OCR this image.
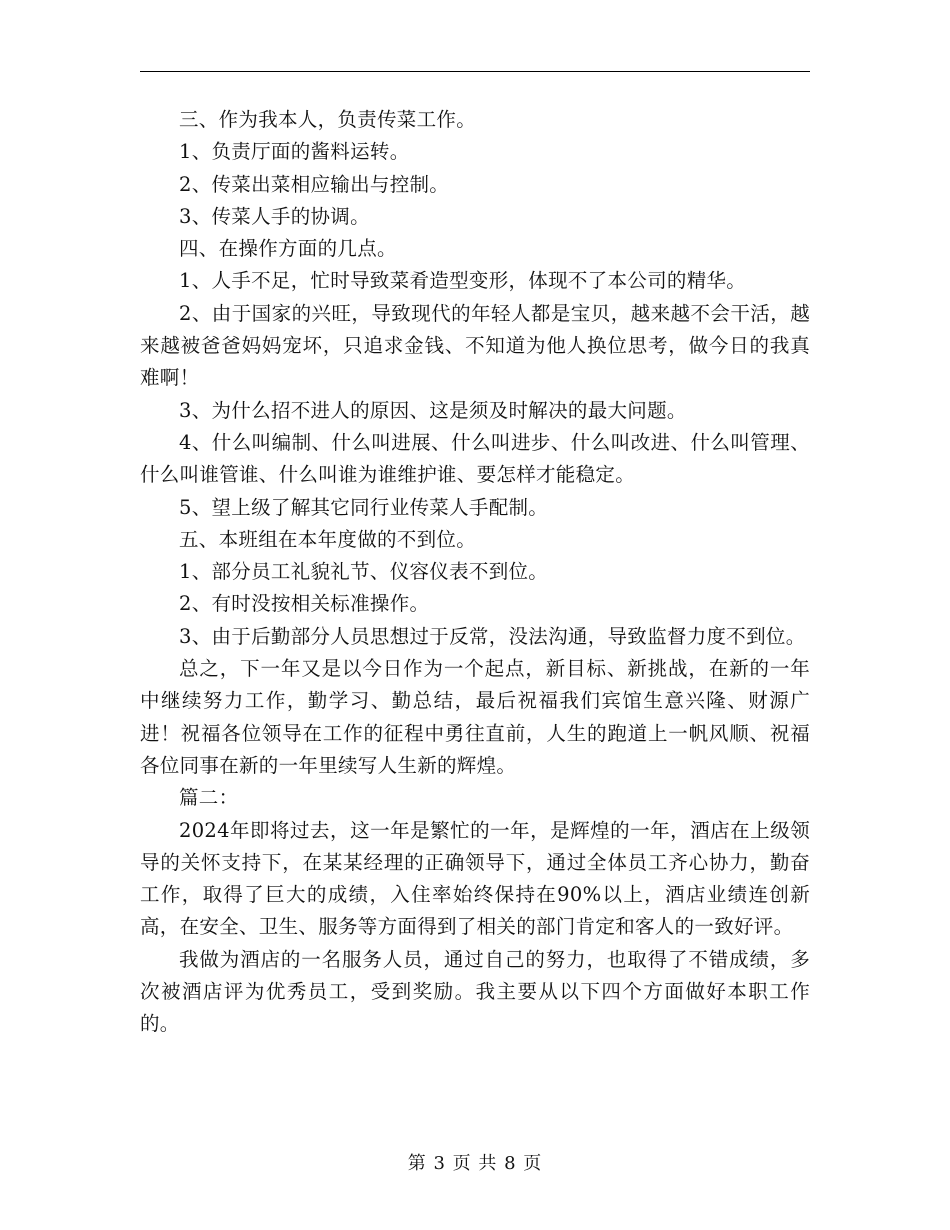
三、作为我本人，负责传菜工作。

1、负责厅面的酱料运转。

2、传菜出菜相应输出与控制。

3、传菜人手的协调。

四、在操作方面的几点。

1、人手不足，忙时导致菜肴造型变形，体现不了本公司的精华。

2、由于国家的兴旺，导致现代的年轻人都是宝贝，越来越不会干活，越来越被爸爸妈妈宠坏，只追求金钱、不知道为他人换位思考，做今日的我真难啊！

3、为什么招不进人的原因、这是须及时解决的最大问题。

4、什么叫编制、什么叫进展、什么叫进步、什么叫改进、什么叫管理、什么叫谁管谁、什么叫谁为谁维护谁、要怎样才能稳定。

5、望上级了解其它同行业传菜人手配制。

五、本班组在本年度做的不到位。

1、部分员工礼貌礼节、仪容仪表不到位。

2、有时没按相关标准操作。

3、由于后勤部分人员思想过于反常，没法沟通，导致监督力度不到位。

总之，下一年又是以今日作为一个起点，新目标、新挑战，在新的一年中继续努力工作，勤学习、勤总结，最后祝福我们宾馆生意兴隆、财源广进！祝福各位领导在工作的征程中勇往直前，人生的跑道上一帆风顺、祝福各位同事在新的一年里续写人生新的辉煌。

篇二：

2024年即将过去，这一年是繁忙的一年，是辉煌的一年，酒店在上级领导的关怀支持下，在某某经理的正确领导下，通过全体员工齐心协力，勤奋工作，取得了巨大的成绩，入住率始终保持在90%以上，酒店业绩连创新高，在安全、卫生、服务等方面得到了相关的部门肯定和客人的一致好评。

我做为酒店的一名服务人员，通过自己的努力，也取得了不错成绩，多次被酒店评为优秀员工，受到奖励。我主要从以下四个方面做好本职工作的。

第 3 页 共 8 页
